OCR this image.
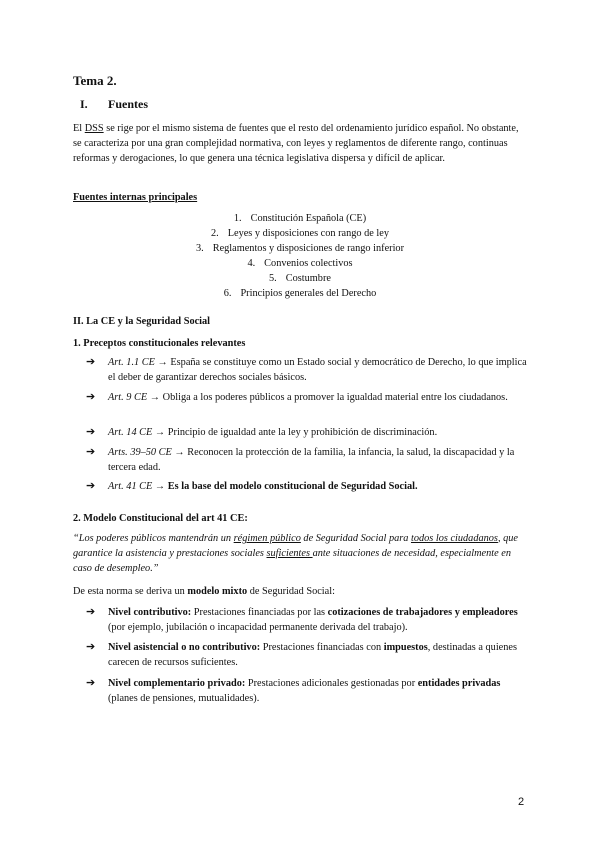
Tema 2.

I. Fuentes

El DSS se rige por el mismo sistema de fuentes que el resto del ordenamiento jurídico español. No obstante, se caracteriza por una gran complejidad normativa, con leyes y reglamentos de diferente rango, continuas reformas y derogaciones, lo que genera una técnica legislativa dispersa y difícil de aplicar.

Fuentes internas principales

1. Constitución Española (CE)
2. Leyes y disposiciones con rango de ley
3. Reglamentos y disposiciones de rango inferior
4. Convenios colectivos
5. Costumbre
6. Principios generales del Derecho

II. La CE y la Seguridad Social

1. Preceptos constitucionales relevantes

➔ Art. 1.1 CE → España se constituye como un Estado social y democrático de Derecho, lo que implica el deber de garantizar derechos sociales básicos.

➔ Art. 9 CE → Obliga a los poderes públicos a promover la igualdad material entre los ciudadanos.

➔ Art. 14 CE → Principio de igualdad ante la ley y prohibición de discriminación.

➔ Arts. 39–50 CE → Reconocen la protección de la familia, la infancia, la salud, la discapacidad y la tercera edad.

➔ Art. 41 CE → Es la base del modelo constitucional de Seguridad Social.

2. Modelo Constitucional del art 41 CE:

“Los poderes públicos mantendrán un régimen público de Seguridad Social para todos los ciudadanos, que garantice la asistencia y prestaciones sociales suficientes ante situaciones de necesidad, especialmente en caso de desempleo.”

De esta norma se deriva un modelo mixto de Seguridad Social:

➔ Nivel contributivo: Prestaciones financiadas por las cotizaciones de trabajadores y empleadores (por ejemplo, jubilación o incapacidad permanente derivada del trabajo).

➔ Nivel asistencial o no contributivo: Prestaciones financiadas con impuestos, destinadas a quienes carecen de recursos suficientes.

➔ Nivel complementario privado: Prestaciones adicionales gestionadas por entidades privadas (planes de pensiones, mutualidades).

2
